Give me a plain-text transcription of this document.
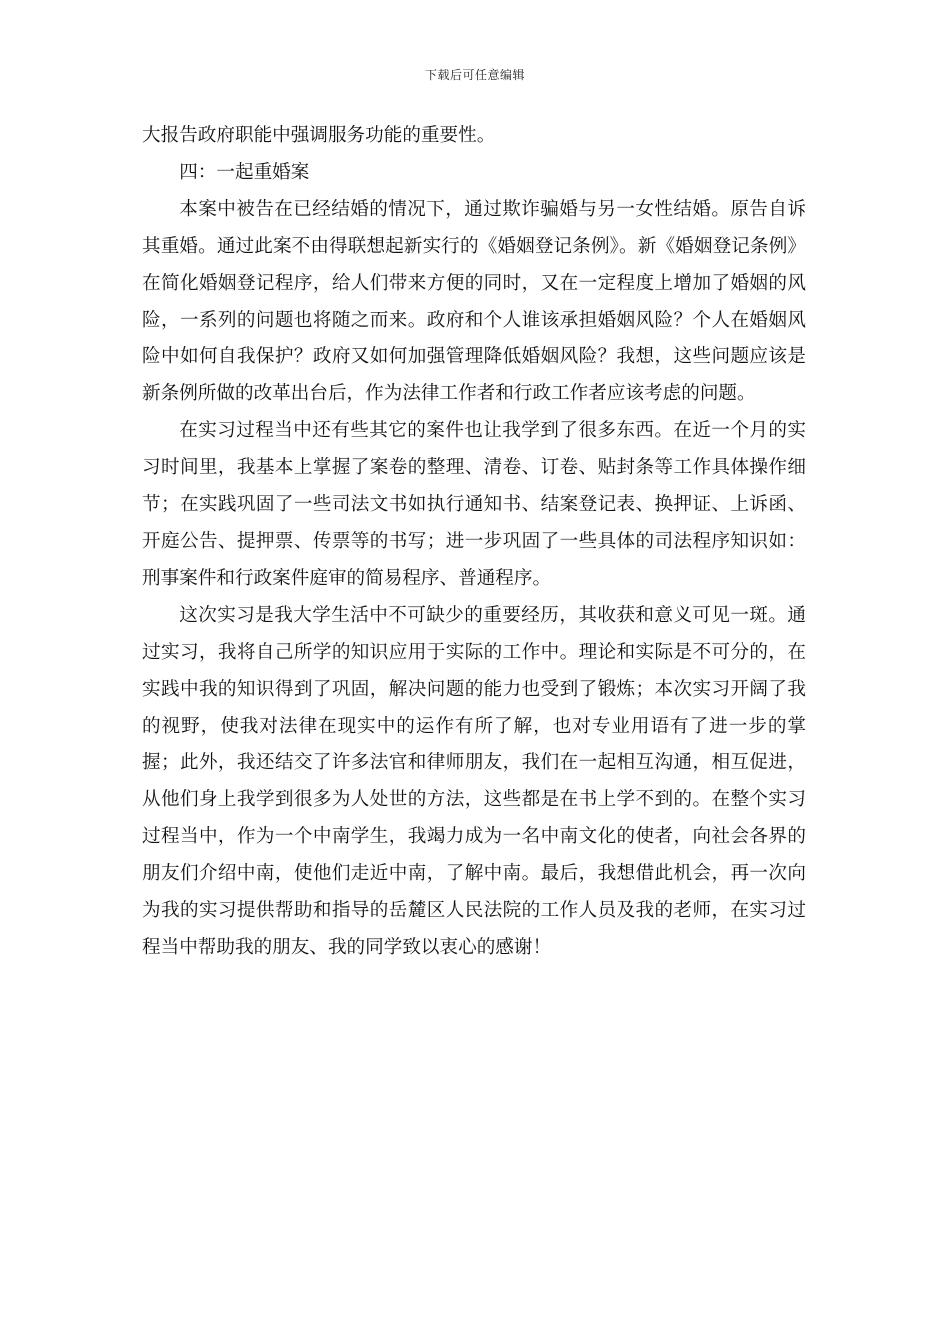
下载后可任意编辑

大报告政府职能中强调服务功能的重要性。

四：一起重婚案

本案中被告在已经结婚的情况下，通过欺诈骗婚与另一女性结婚。原告自诉其重婚。通过此案不由得联想起新实行的《婚姻登记条例》。新《婚姻登记条例》在简化婚姻登记程序，给人们带来方便的同时，又在一定程度上增加了婚姻的风险，一系列的问题也将随之而来。政府和个人谁该承担婚姻风险？个人在婚姻风险中如何自我保护？政府又如何加强管理降低婚姻风险？我想，这些问题应该是新条例所做的改革出台后，作为法律工作者和行政工作者应该考虑的问题。

在实习过程当中还有些其它的案件也让我学到了很多东西。在近一个月的实习时间里，我基本上掌握了案卷的整理、清卷、订卷、贴封条等工作具体操作细节；在实践巩固了一些司法文书如执行通知书、结案登记表、换押证、上诉函、开庭公告、提押票、传票等的书写；进一步巩固了一些具体的司法程序知识如：刑事案件和行政案件庭审的简易程序、普通程序。

这次实习是我大学生活中不可缺少的重要经历，其收获和意义可见一斑。通过实习，我将自己所学的知识应用于实际的工作中。理论和实际是不可分的，在实践中我的知识得到了巩固，解决问题的能力也受到了锻炼；本次实习开阔了我的视野，使我对法律在现实中的运作有所了解，也对专业用语有了进一步的掌握；此外，我还结交了许多法官和律师朋友，我们在一起相互沟通，相互促进，从他们身上我学到很多为人处世的方法，这些都是在书上学不到的。在整个实习过程当中，作为一个中南学生，我竭力成为一名中南文化的使者，向社会各界的朋友们介绍中南，使他们走近中南，了解中南。最后，我想借此机会，再一次向为我的实习提供帮助和指导的岳麓区人民法院的工作人员及我的老师，在实习过程当中帮助我的朋友、我的同学致以衷心的感谢！
